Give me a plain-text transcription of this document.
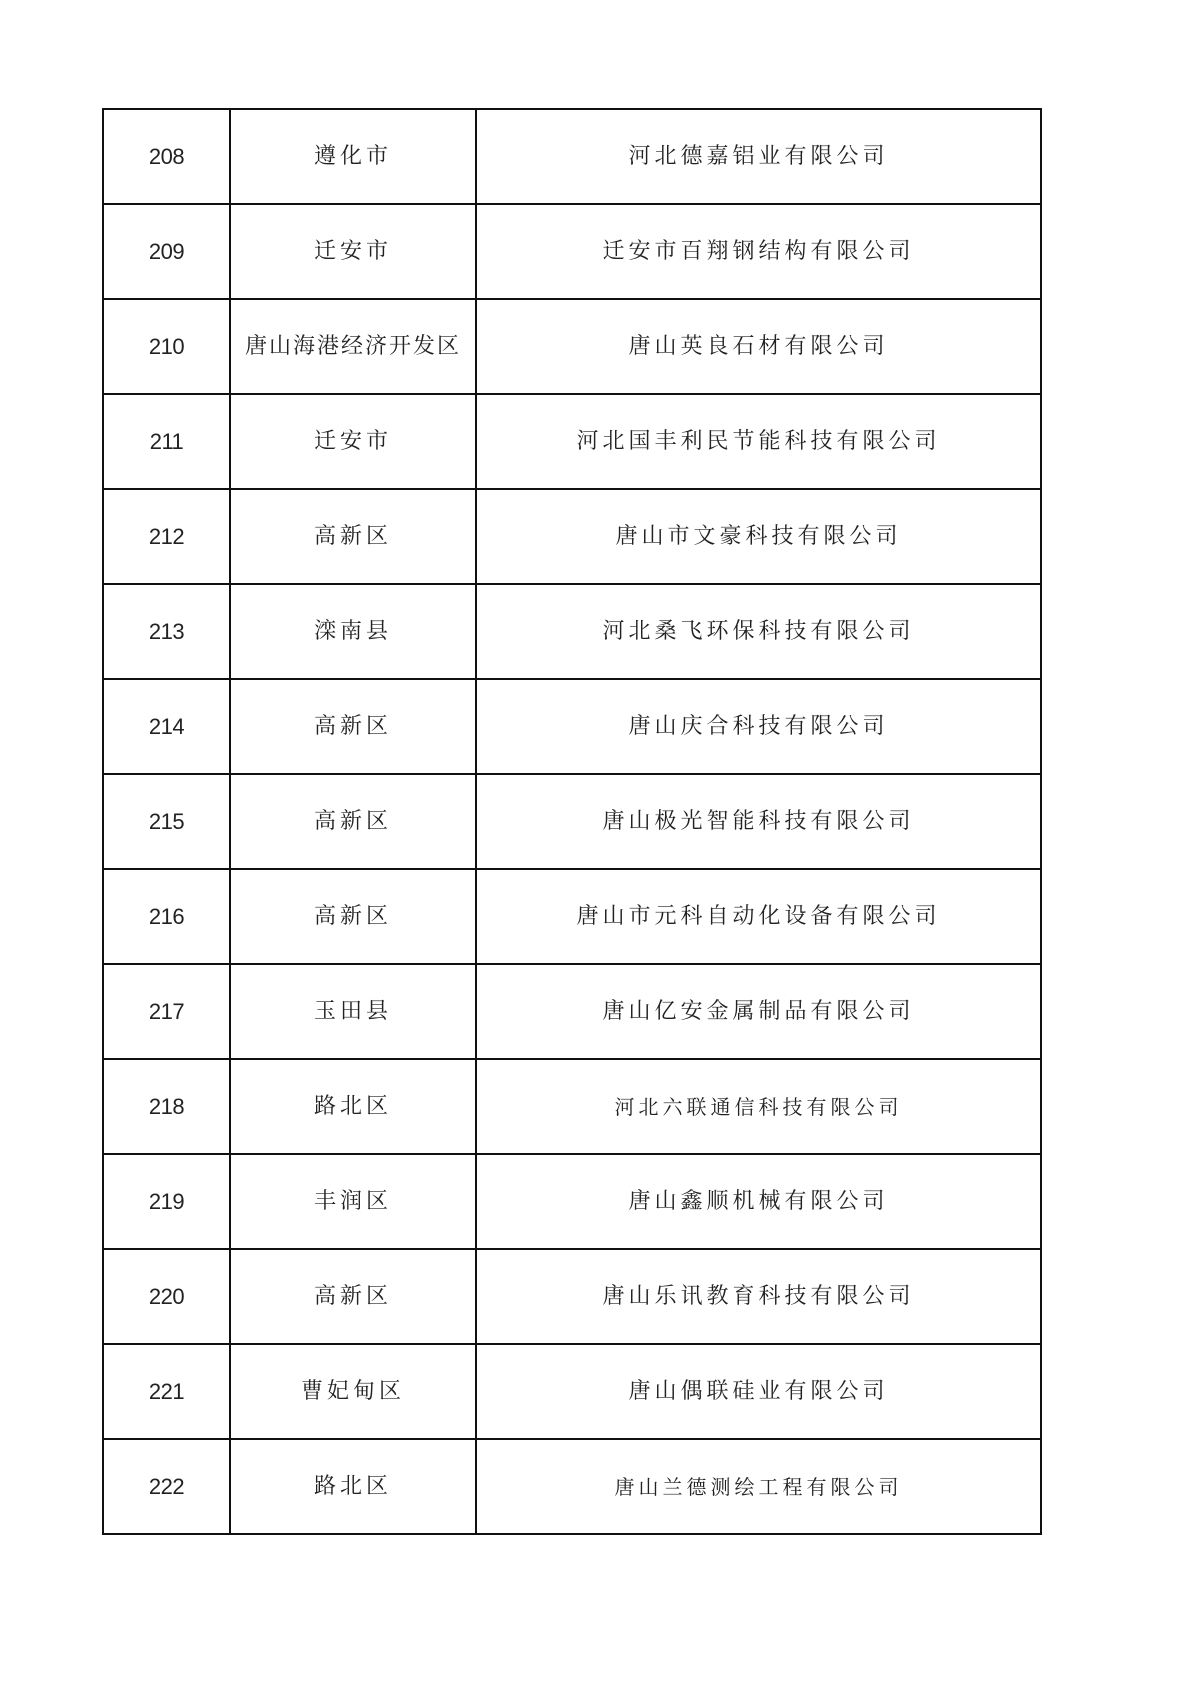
208	遵化市	河北德嘉铝业有限公司
209	迁安市	迁安市百翔钢结构有限公司
210	唐山海港经济开发区	唐山英良石材有限公司
211	迁安市	河北国丰利民节能科技有限公司
212	高新区	唐山市文豪科技有限公司
213	滦南县	河北桑飞环保科技有限公司
214	高新区	唐山庆合科技有限公司
215	高新区	唐山极光智能科技有限公司
216	高新区	唐山市元科自动化设备有限公司
217	玉田县	唐山亿安金属制品有限公司
218	路北区	河北六联通信科技有限公司
219	丰润区	唐山鑫顺机械有限公司
220	高新区	唐山乐讯教育科技有限公司
221	曹妃甸区	唐山偶联硅业有限公司
222	路北区	唐山兰德测绘工程有限公司
